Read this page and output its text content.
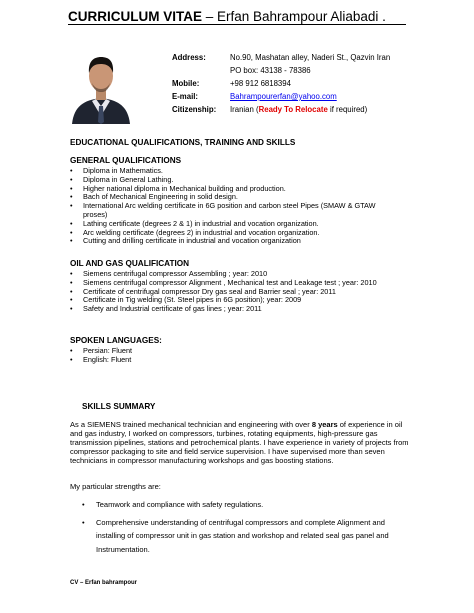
CURRICULUM VITAE – Erfan Bahrampour Aliabadi .
Address:	No.90, Mashatan alley, Naderi St., Qazvin Iran
PO box: 43138 - 78386
Mobile:	+98 912 6818394
E-mail:	Bahrampourerfan@yahoo.com
Citizenship: Iranian (Ready To Relocate if required)
EDUCATIONAL QUALIFICATIONS, TRAINING AND SKILLS
GENERAL QUALIFICATIONS
• Diploma in Mathematics.
• Diploma in General Lathing.
• Higher national diploma in Mechanical building and production.
• Bach of Mechanical Engineering in solid design.
• International Arc welding certificate in 6G position and carbon steel Pipes (SMAW & GTAW proses)
• Lathing certificate (degrees 2 & 1) in industrial and vocation organization.
• Arc welding certificate (degrees 2) in industrial and vocation organization.
• Cutting and drilling certificate in industrial and vocation organization
OIL AND GAS QUALIFICATION
• Siemens centrifugal compressor Assembling ; year: 2010
• Siemens centrifugal compressor Alignment , Mechanical test and Leakage test ; year: 2010
• Certificate of centrifugal compressor Dry gas seal and Barrier seal ; year: 2011
• Certificate in Tig welding (St. Steel pipes in 6G position); year: 2009
• Safety and Industrial certificate of gas lines ; year: 2011
SPOKEN LANGUAGES:
• Persian: Fluent
• English: Fluent
SKILLS SUMMARY
As a SIEMENS trained mechanical technician and engineering with over 8 years of experience in oil and gas industry, I worked on compressors, turbines, rotating equipments, high-pressure gas transmission pipelines, stations and petrochemical plants. I have experience in variety of projects from compressor packaging to site and field service supervision. I have supervised more than seven technicians in compressor manufacturing workshops and gas boosting stations.
My particular strengths are:
• Teamwork and compliance with safety regulations.
• Comprehensive understanding of centrifugal compressors and complete Alignment and installing of compressor unit in gas station and workshop and related seal gas panel and Instrumentation.
CV – Erfan bahrampour
